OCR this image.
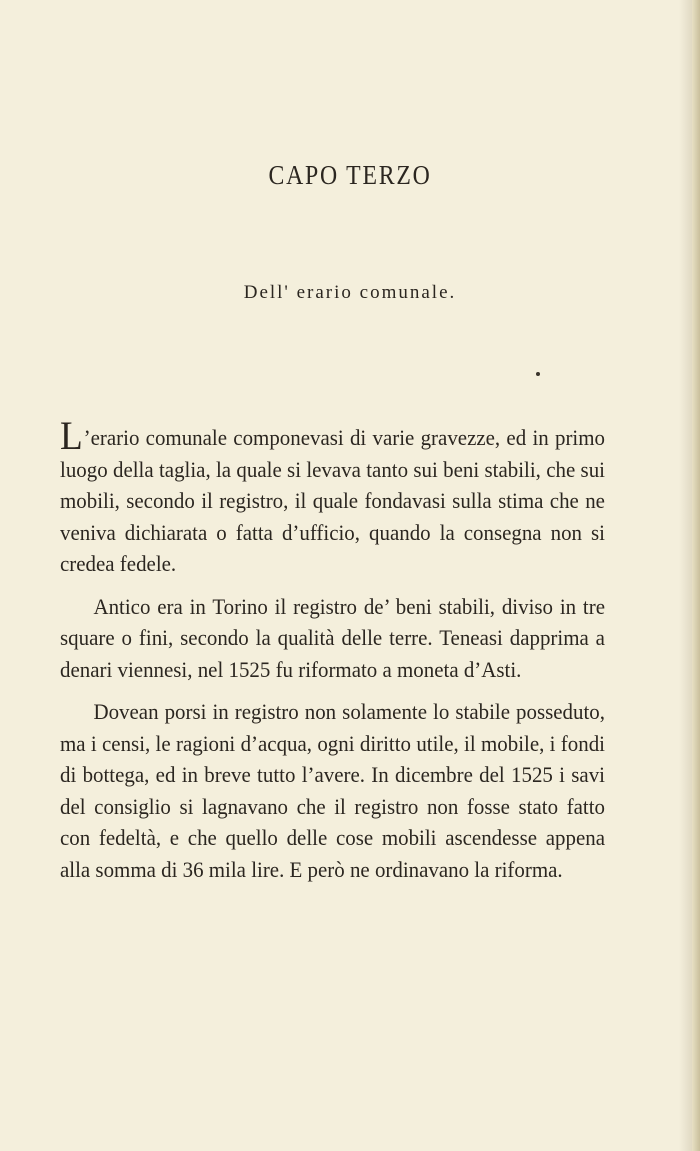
CAPO TERZO
Dell' erario comunale.

L’erario comunale componevasi di varie gravezze, ed in primo luogo della taglia, la quale si levava tanto sui beni stabili, che sui mobili, secondo il registro, il quale fondavasi sulla stima che ne veniva dichiarata o fatta d’ufficio, quando la consegna non si credea fedele.

Antico era in Torino il registro de’ beni stabili, diviso in tre square o fini, secondo la qualità delle terre. Teneasi dapprima a denari viennesi, nel 1525 fu riformato a moneta d’Asti.

Dovean porsi in registro non solamente lo stabile posseduto, ma i censi, le ragioni d’acqua, ogni diritto utile, il mobile, i fondi di bottega, ed in breve tutto l’avere. In dicembre del 1525 i savi del consiglio si lagnavano che il registro non fosse stato fatto con fedeltà, e che quello delle cose mobili ascendesse appena alla somma di 36 mila lire. E però ne ordinavano la riforma.
